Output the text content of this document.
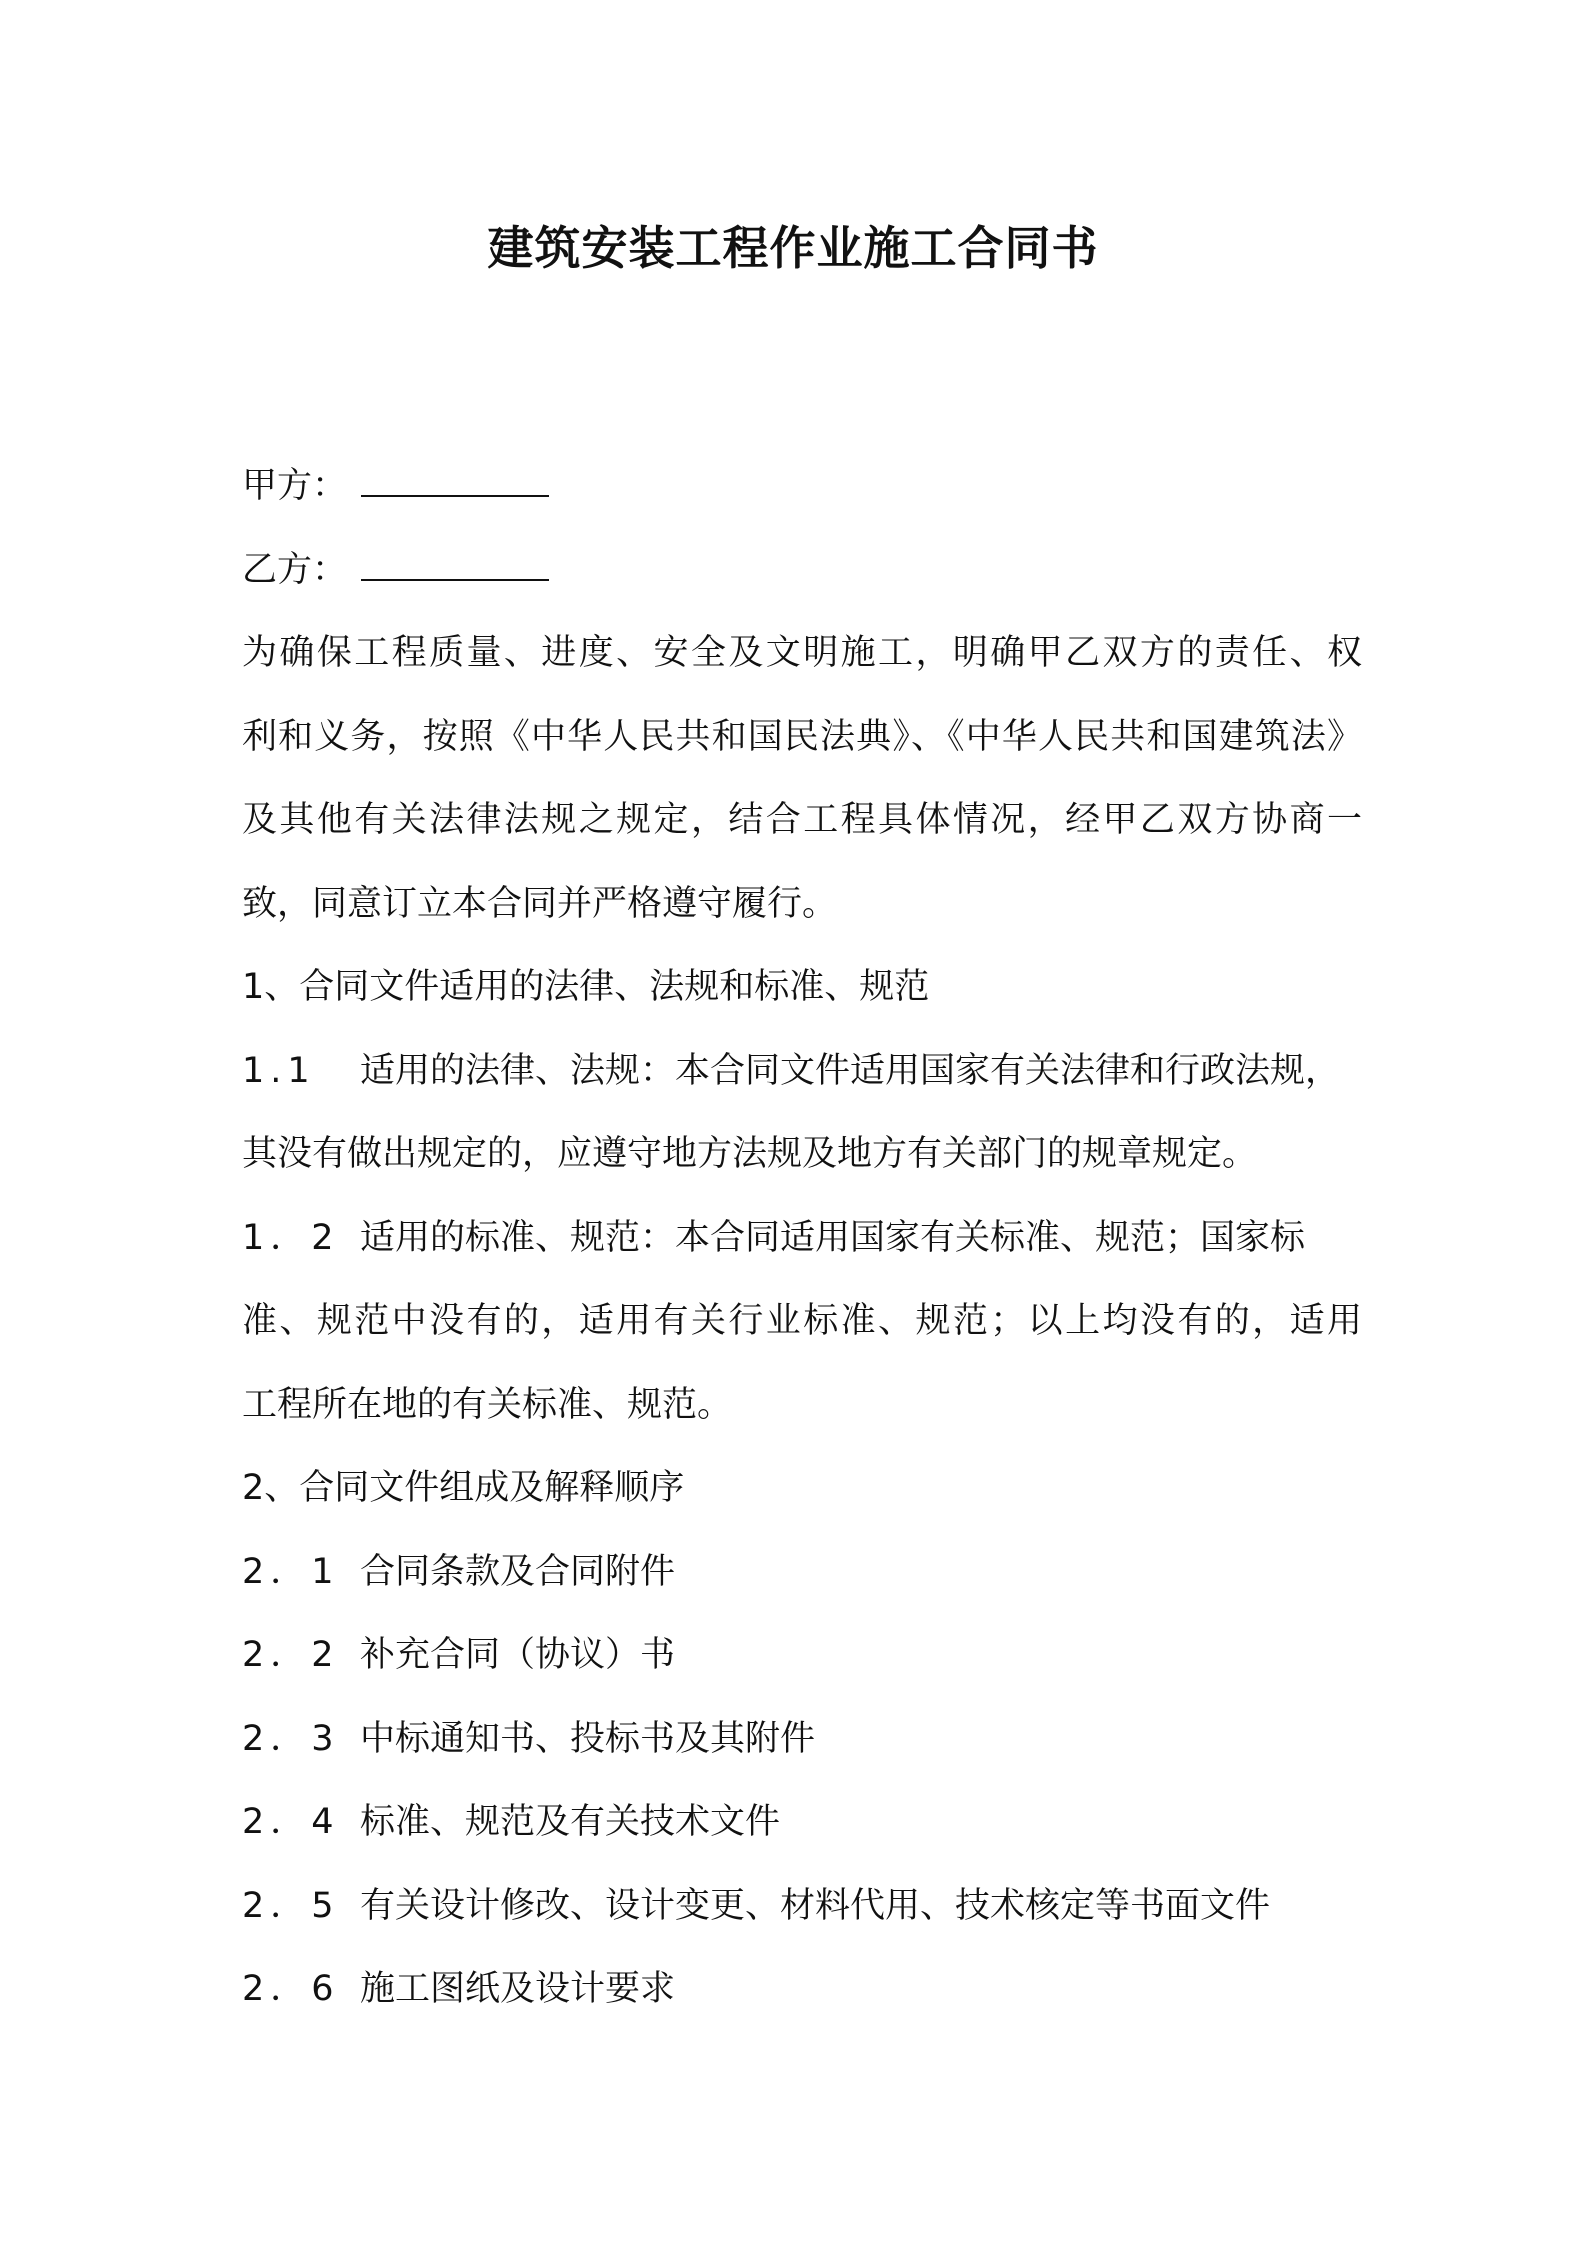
建筑安装工程作业施工合同书
甲方：
乙方：
为确保工程质量、进度、安全及文明施工，明确甲乙双方的责任、权
利和义务，按照《中华人民共和国民法典》、《中华人民共和国建筑法》
及其他有关法律法规之规定，结合工程具体情况，经甲乙双方协商一
致，同意订立本合同并严格遵守履行。
1、合同文件适用的法律、法规和标准、规范
1.1 适用的法律、法规：本合同文件适用国家有关法律和行政法规，
其没有做出规定的，应遵守地方法规及地方有关部门的规章规定。
1．2 适用的标准、规范：本合同适用国家有关标准、规范；国家标
准、规范中没有的，适用有关行业标准、规范；以上均没有的，适用
工程所在地的有关标准、规范。
2、合同文件组成及解释顺序
2．1 合同条款及合同附件
2．2 补充合同（协议）书
2．3 中标通知书、投标书及其附件
2．4 标准、规范及有关技术文件
2．5 有关设计修改、设计变更、材料代用、技术核定等书面文件
2．6 施工图纸及设计要求
